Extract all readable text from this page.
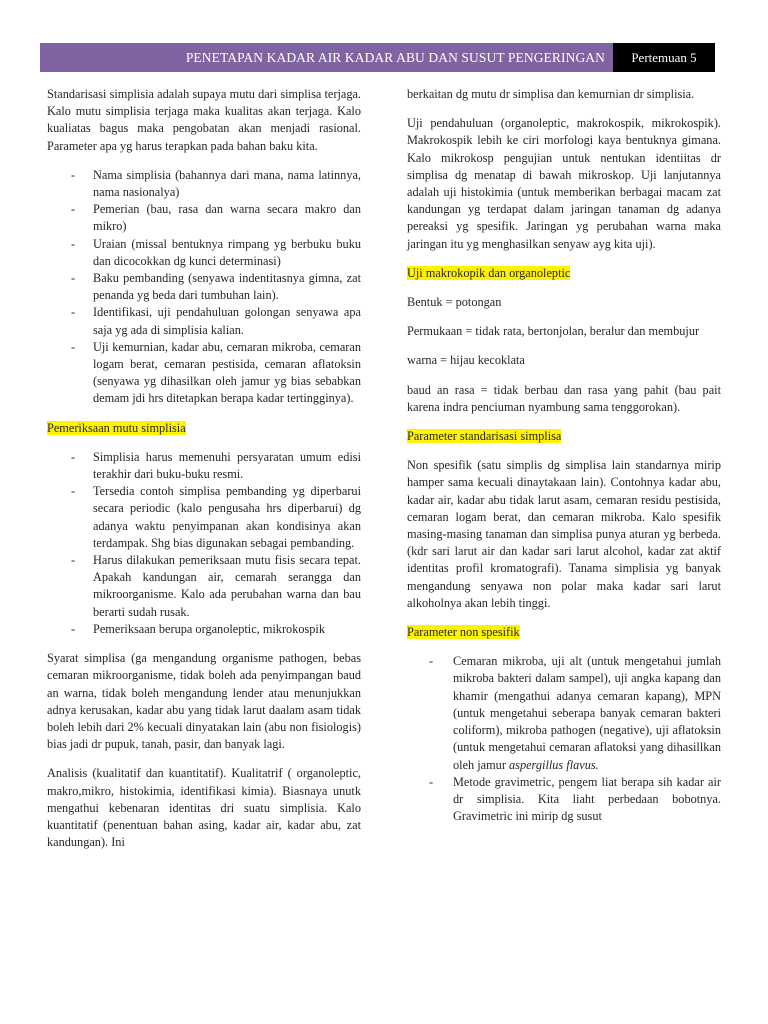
PENETAPAN KADAR AIR KADAR ABU DAN SUSUT PENGERINGAN	Pertemuan 5

Standarisasi simplisia adalah supaya mutu dari simplisa terjaga. Kalo mutu simplisia terjaga maka kualitas akan terjaga. Kalo kualiatas bagus maka pengobatan akan menjadi rasional. Parameter apa yg harus terapkan pada bahan baku kita.

- Nama simplisia (bahannya dari mana, nama latinnya, nama nasionalya)
- Pemerian (bau, rasa dan warna secara makro dan mikro)
- Uraian (missal bentuknya rimpang yg berbuku buku dan dicocokkan dg kunci determinasi)
- Baku pembanding (senyawa indentitasnya gimna, zat penanda yg beda dari tumbuhan lain).
- Identifikasi, uji pendahuluan golongan senyawa apa saja yg ada di simplisia kalian.
- Uji kemurnian, kadar abu, cemaran mikroba, cemaran logam berat, cemaran pestisida, cemaran aflatoksin (senyawa yg dihasilkan oleh jamur yg bias sebabkan demam jdi hrs ditetapkan berapa kadar tertingginya).

Pemeriksaan mutu simplisia

- Simplisia harus memenuhi persyaratan umum edisi terakhir dari buku-buku resmi.
- Tersedia contoh simplisa pembanding yg diperbarui secara periodic (kalo pengusaha hrs diperbarui) dg adanya waktu penyimpanan akan kondisinya akan terdampak. Shg bias digunakan sebagai pembanding.
- Harus dilakukan pemeriksaan mutu fisis secara tepat. Apakah kandungan air, cemarah serangga dan mikroorganisme. Kalo ada perubahan warna dan bau berarti sudah rusak.
- Pemeriksaan berupa organoleptic, mikrokospik

Syarat simplisa (ga mengandung organisme pathogen, bebas cemaran mikroorganisme, tidak boleh ada penyimpangan baud an warna, tidak boleh mengandung lender atau menunjukkan adnya kerusakan, kadar abu yang tidak larut daalam asam tidak boleh lebih dari 2% kecuali dinyatakan lain (abu non fisiologis) bias jadi dr pupuk, tanah, pasir, dan banyak lagi.

Analisis (kualitatif dan kuantitatif). Kualitatrif ( organoleptic, makro,mikro, histokimia, identifikasi kimia). Biasnaya unutk mengathui kebenaran identitas dri suatu simplisia. Kalo kuantitatif (penentuan bahan asing, kadar air, kadar abu, zat kandungan). Ini

berkaitan dg mutu dr simplisa dan kemurnian dr simplisia.

Uji pendahuluan (organoleptic, makrokospik, mikrokospik). Makrokospik lebih ke ciri morfologi kaya bentuknya gimana. Kalo mikrokosp pengujian untuk nentukan identiitas dr simplisa dg menatap di bawah mikroskop. Uji lanjutannya adalah uji histokimia (untuk memberikan berbagai macam zat kandungan yg terdapat dalam jaringan tanaman dg adanya pereaksi yg spesifik. Jaringan yg perubahan warna maka jaringan itu yg menghasilkan senyaw ayg kita uji).

Uji makrokopik dan organoleptic

Bentuk = potongan

Permukaan = tidak rata, bertonjolan, beralur dan membujur

warna = hijau kecoklata

baud an rasa = tidak berbau dan rasa yang pahit (bau pait karena indra penciuman nyambung sama tenggorokan).

Parameter standarisasi simplisa

Non spesifik (satu simplis dg simplisa lain standarnya mirip hamper sama kecuali dinaytakaan lain). Contohnya kadar abu, kadar air, kadar abu tidak larut asam, cemaran residu pestisida, cemaran logam berat, dan cemaran mikroba. Kalo spesifik masing-masing tanaman dan simplisa punya aturan yg berbeda. (kdr sari larut air dan kadar sari larut alcohol, kadar zat aktif identitas profil kromatografi). Tanama simplisia yg banyak mengandung senyawa non polar maka kadar sari larut alkoholnya akan lebih tinggi.

Parameter non spesifik

- Cemaran mikroba, uji alt (untuk mengetahui jumlah mikroba bakteri dalam sampel), uji angka kapang dan khamir (mengathui adanya cemaran kapang), MPN (untuk mengetahui seberapa banyak cemaran bakteri coliform), mikroba pathogen (negative), uji aflatoksin (untuk mengetahui cemaran aflatoksi yang dihasillkan oleh jamur aspergillus flavus.
- Metode gravimetric, pengem liat berapa sih kadar air dr simplisia. Kita liaht perbedaan bobotnya. Gravimetric ini mirip dg susut
